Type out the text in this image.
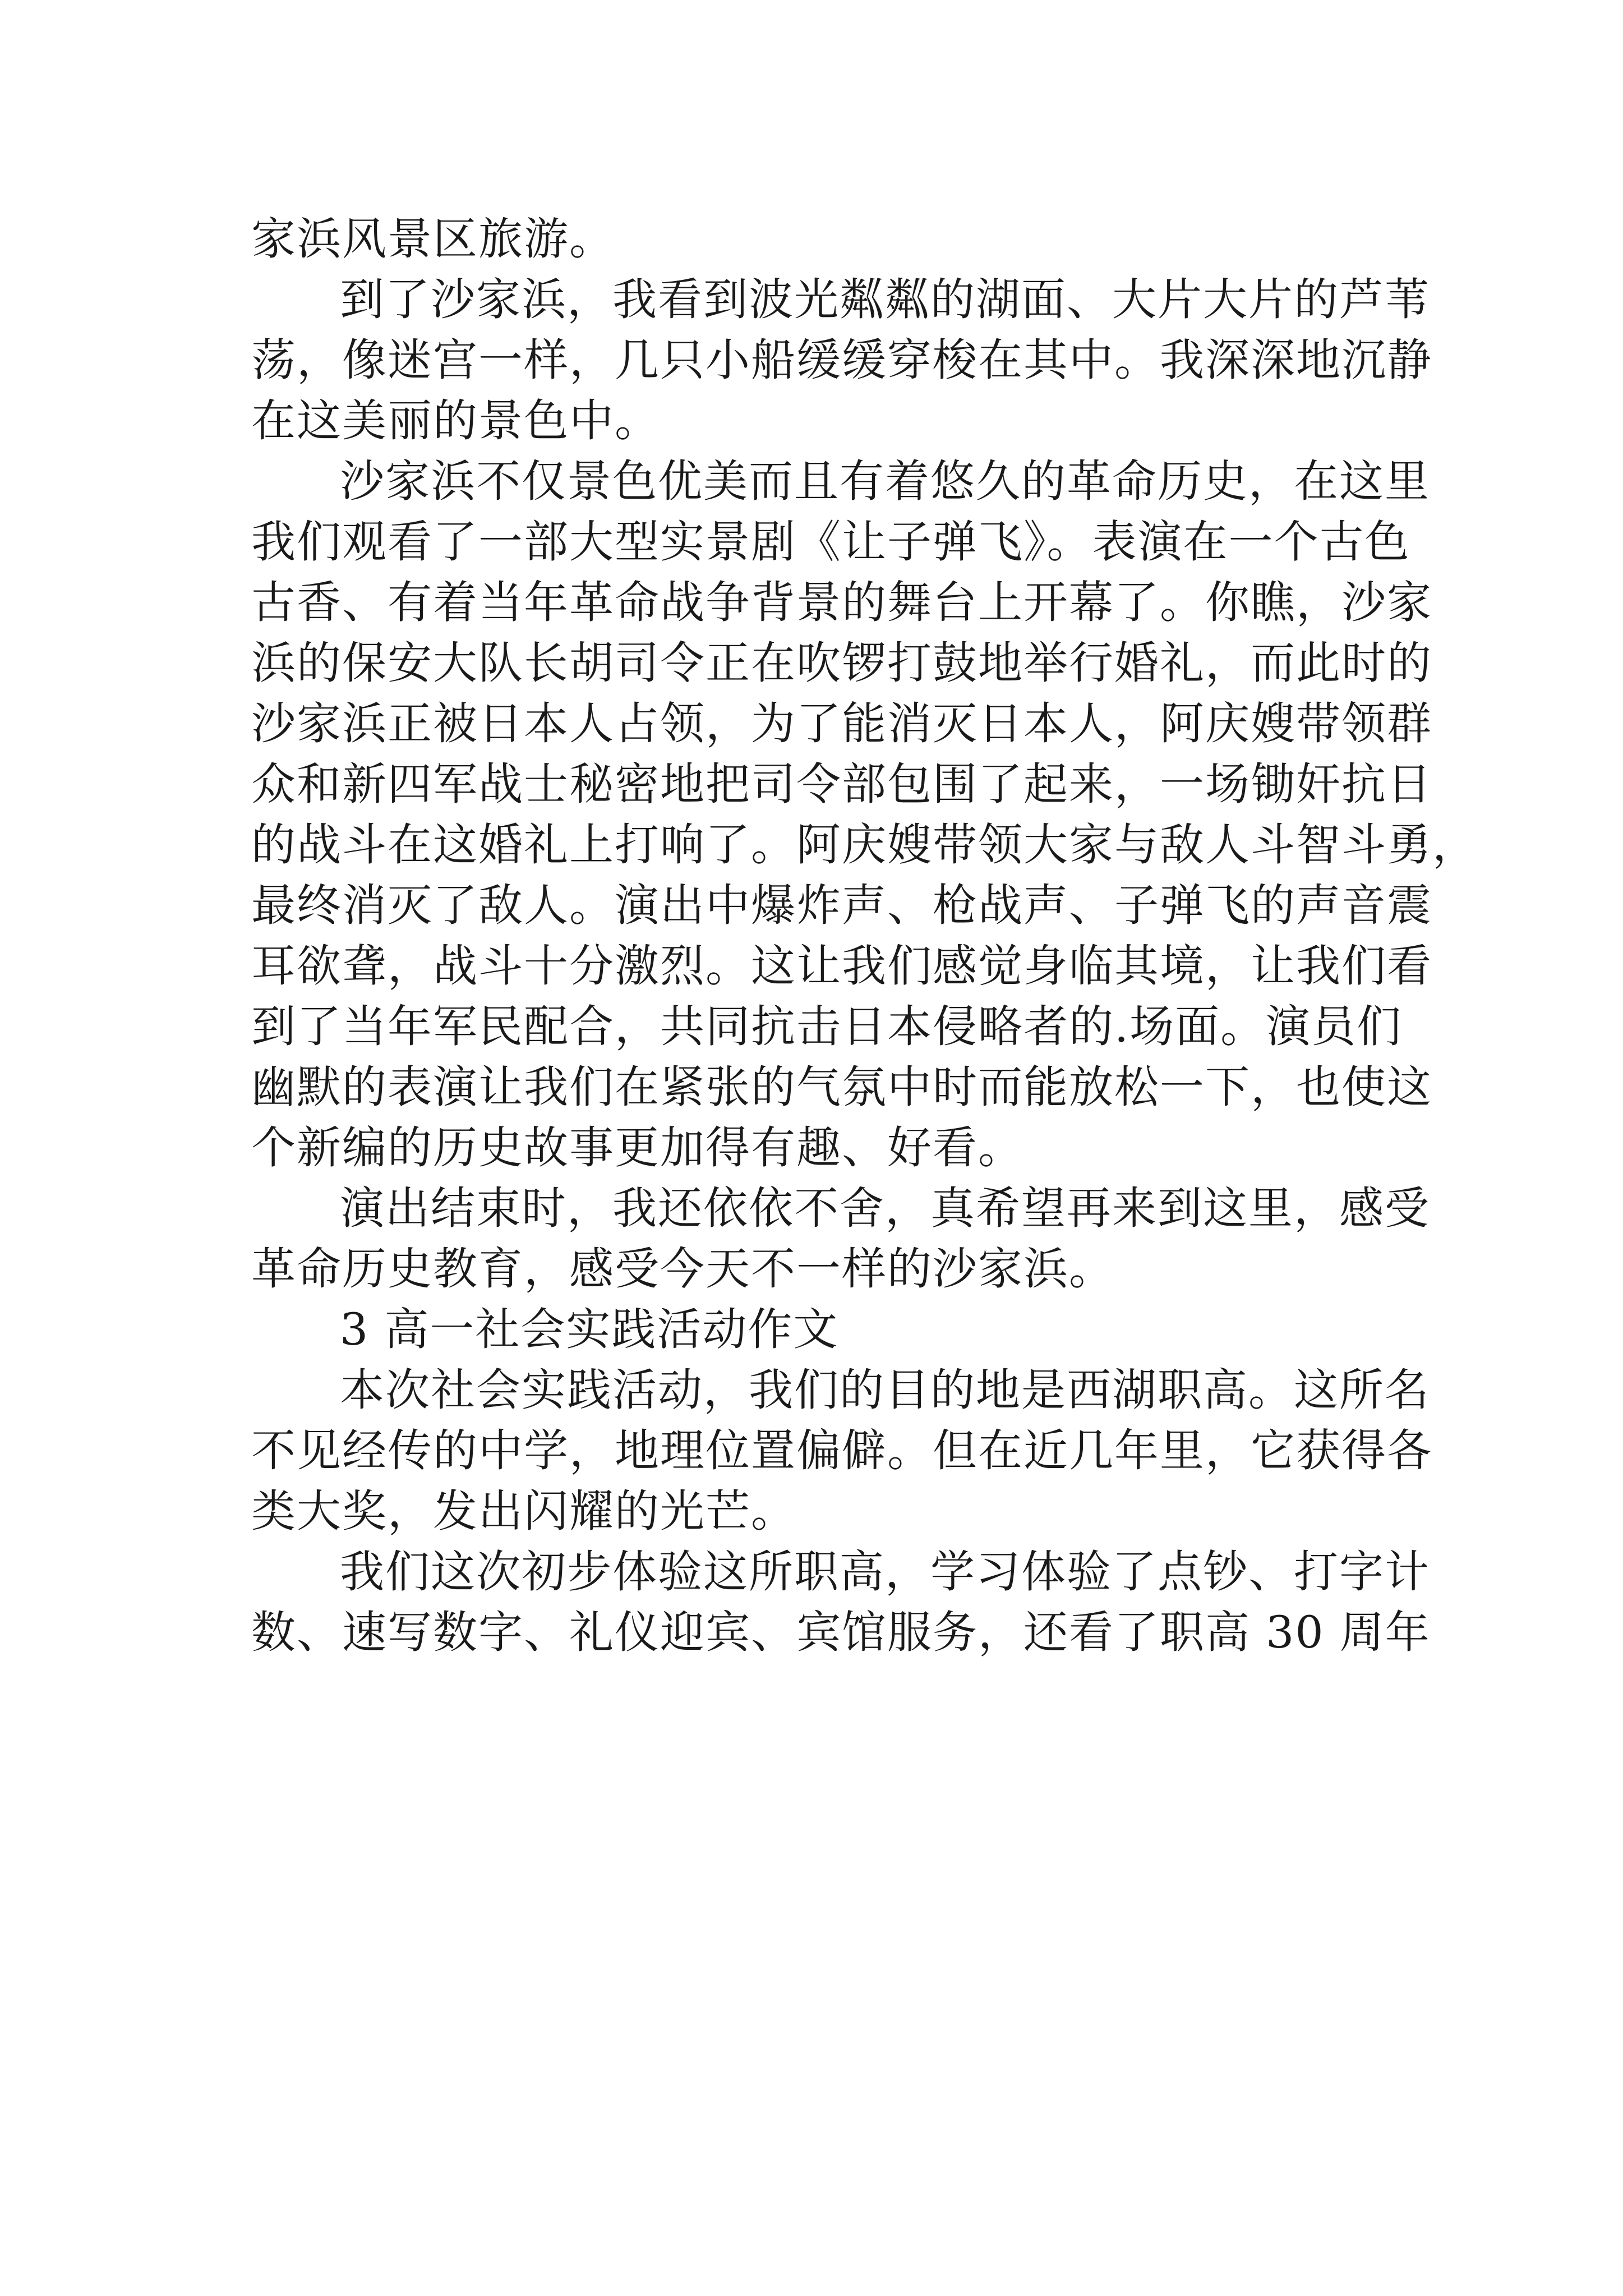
家浜风景区旅游。
到了沙家浜，我看到波光粼粼的湖面、大片大片的芦苇
荡，像迷宫一样，几只小船缓缓穿梭在其中。我深深地沉静
在这美丽的景色中。
沙家浜不仅景色优美而且有着悠久的革命历史，在这里
我们观看了一部大型实景剧《让子弹飞》。表演在一个古色
古香、有着当年革命战争背景的舞台上开幕了。你瞧，沙家
浜的保安大队长胡司令正在吹锣打鼓地举行婚礼，而此时的
沙家浜正被日本人占领，为了能消灭日本人，阿庆嫂带领群
众和新四军战士秘密地把司令部包围了起来，一场锄奸抗日
的战斗在这婚礼上打响了。阿庆嫂带领大家与敌人斗智斗勇，
最终消灭了敌人。演出中爆炸声、枪战声、子弹飞的声音震
耳欲聋，战斗十分激烈。这让我们感觉身临其境，让我们看
到了当年军民配合，共同抗击日本侵略者的.场面。演员们
幽默的表演让我们在紧张的气氛中时而能放松一下，也使这
个新编的历史故事更加得有趣、好看。
演出结束时，我还依依不舍，真希望再来到这里，感受
革命历史教育，感受今天不一样的沙家浜。
3 高一社会实践活动作文
本次社会实践活动，我们的目的地是西湖职高。这所名
不见经传的中学，地理位置偏僻。但在近几年里，它获得各
类大奖，发出闪耀的光芒。
我们这次初步体验这所职高，学习体验了点钞、打字计
数、速写数字、礼仪迎宾、宾馆服务，还看了职高 30 周年
